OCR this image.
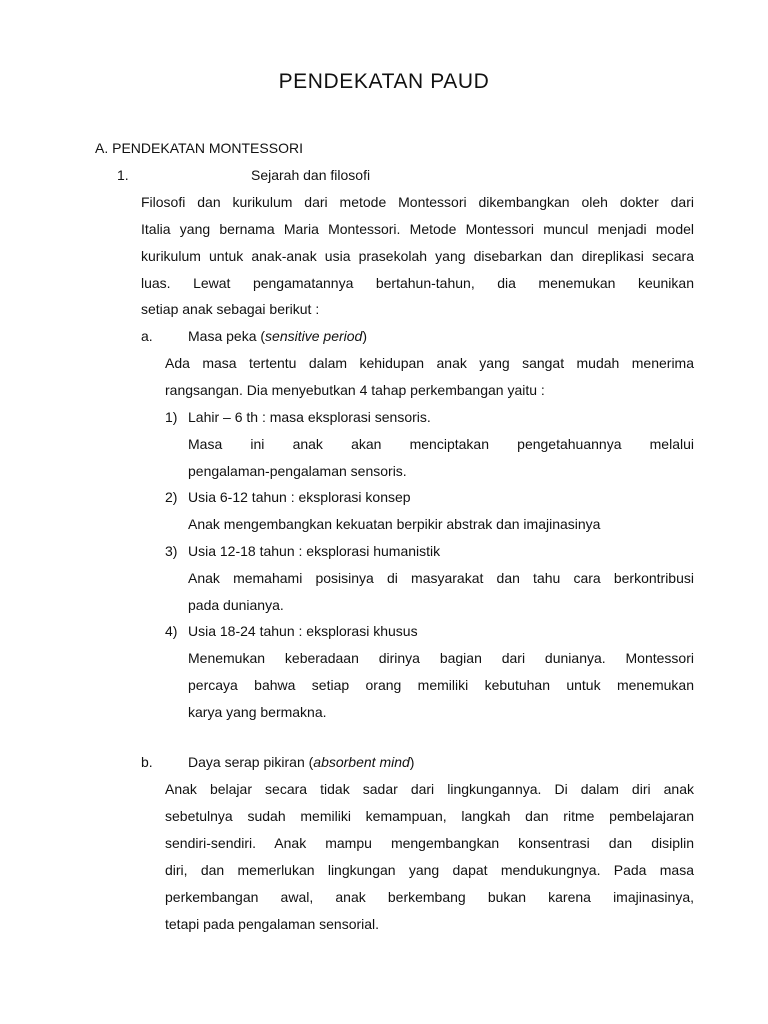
PENDEKATAN PAUD
A. PENDEKATAN MONTESSORI
1.	Sejarah dan filosofi
Filosofi dan kurikulum dari metode Montessori dikembangkan oleh dokter dari
Italia yang bernama Maria Montessori. Metode Montessori muncul menjadi model
kurikulum untuk anak-anak usia prasekolah yang disebarkan dan direplikasi secara
luas. Lewat pengamatannya bertahun-tahun, dia menemukan keunikan
setiap anak sebagai berikut :
a.	Masa peka (sensitive period)
Ada masa tertentu dalam kehidupan anak yang sangat mudah menerima
rangsangan. Dia menyebutkan 4 tahap perkembangan yaitu :
1) Lahir – 6 th : masa eksplorasi sensoris.
Masa ini anak akan menciptakan pengetahuannya melalui
pengalaman-pengalaman sensoris.
2) Usia 6-12 tahun : eksplorasi konsep
Anak mengembangkan kekuatan berpikir abstrak dan imajinasinya
3) Usia 12-18 tahun : eksplorasi humanistik
Anak memahami posisinya di masyarakat dan tahu cara berkontribusi
pada dunianya.
4) Usia 18-24 tahun : eksplorasi khusus
Menemukan keberadaan dirinya bagian dari dunianya. Montessori
percaya bahwa setiap orang memiliki kebutuhan untuk menemukan
karya yang bermakna.
b.	Daya serap pikiran (absorbent mind)
Anak belajar secara tidak sadar dari lingkungannya. Di dalam diri anak
sebetulnya sudah memiliki kemampuan, langkah dan ritme pembelajaran
sendiri-sendiri. Anak mampu mengembangkan konsentrasi dan disiplin
diri, dan memerlukan lingkungan yang dapat mendukungnya. Pada masa
perkembangan awal, anak berkembang bukan karena imajinasinya,
tetapi pada pengalaman sensorial.
